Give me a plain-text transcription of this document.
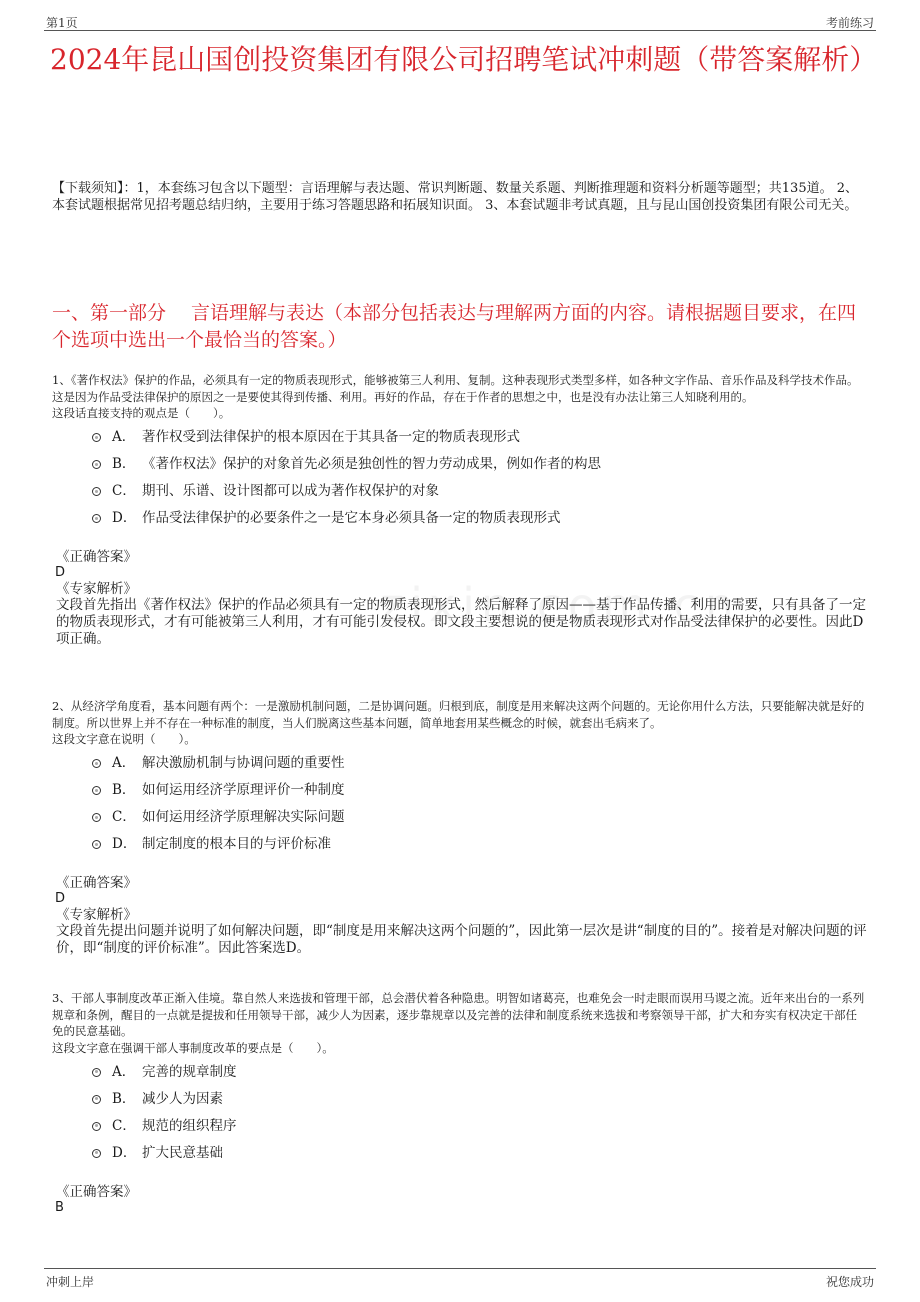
第1页	考前练习
2024年昆山国创投资集团有限公司招聘笔试冲刺题（带答案解析）
【下载须知】：1，本套练习包含以下题型：言语理解与表达题、常识判断题、数量关系题、判断推理题和资料分析题等题型；共135道。 2、本套试题根据常见招考题总结归纳，主要用于练习答题思路和拓展知识面。 3、本套试题非考试真题，且与昆山国创投资集团有限公司无关。
一、第一部分　 言语理解与表达（本部分包括表达与理解两方面的内容。请根据题目要求，在四个选项中选出一个最恰当的答案。）
1、《著作权法》保护的作品，必须具有一定的物质表现形式，能够被第三人利用、复制。这种表现形式类型多样，如各种文字作品、音乐作品及科学技术作品。这是因为作品受法律保护的原因之一是要使其得到传播、利用。再好的作品，存在于作者的思想之中，也是没有办法让第三人知晓利用的。
这段话直接支持的观点是（　　）。
A． 著作权受到法律保护的根本原因在于其具备一定的物质表现形式
B． 《著作权法》保护的对象首先必须是独创性的智力劳动成果，例如作者的构思
C． 期刊、乐谱、设计图都可以成为著作权保护的对象
D． 作品受法律保护的必要条件之一是它本身必须具备一定的物质表现形式
《正确答案》
D
《专家解析》
文段首先指出《著作权法》保护的作品必须具有一定的物质表现形式，然后解释了原因——基于作品传播、利用的需要，只有具备了一定的物质表现形式，才有可能被第三人利用，才有可能引发侵权。即文段主要想说的便是物质表现形式对作品受法律保护的必要性。因此D项正确。
2、从经济学角度看，基本问题有两个：一是激励机制问题，二是协调问题。归根到底，制度是用来解决这两个问题的。无论你用什么方法，只要能解决就是好的制度。所以世界上并不存在一种标准的制度，当人们脱离这些基本问题，简单地套用某些概念的时候，就套出毛病来了。
这段文字意在说明（　　）。
A． 解决激励机制与协调问题的重要性
B． 如何运用经济学原理评价一种制度
C． 如何运用经济学原理解决实际问题
D． 制定制度的根本目的与评价标准
《正确答案》
D
《专家解析》
文段首先提出问题并说明了如何解决问题，即“制度是用来解决这两个问题的”，因此第一层次是讲“制度的目的”。接着是对解决问题的评价，即“制度的评价标准”。因此答案选D。
3、干部人事制度改革正渐入佳境。靠自然人来选拔和管理干部，总会潜伏着各种隐患。明智如诸葛亮，也难免会一时走眼而误用马谡之流。近年来出台的一系列规章和条例，醒目的一点就是提拔和任用领导干部，减少人为因素，逐步靠规章以及完善的法律和制度系统来选拔和考察领导干部，扩大和夯实有权决定干部任免的民意基础。
这段文字意在强调干部人事制度改革的要点是（　　）。
A． 完善的规章制度
B． 减少人为因素
C． 规范的组织程序
D． 扩大民意基础
《正确答案》
B
冲刺上岸	祝您成功
